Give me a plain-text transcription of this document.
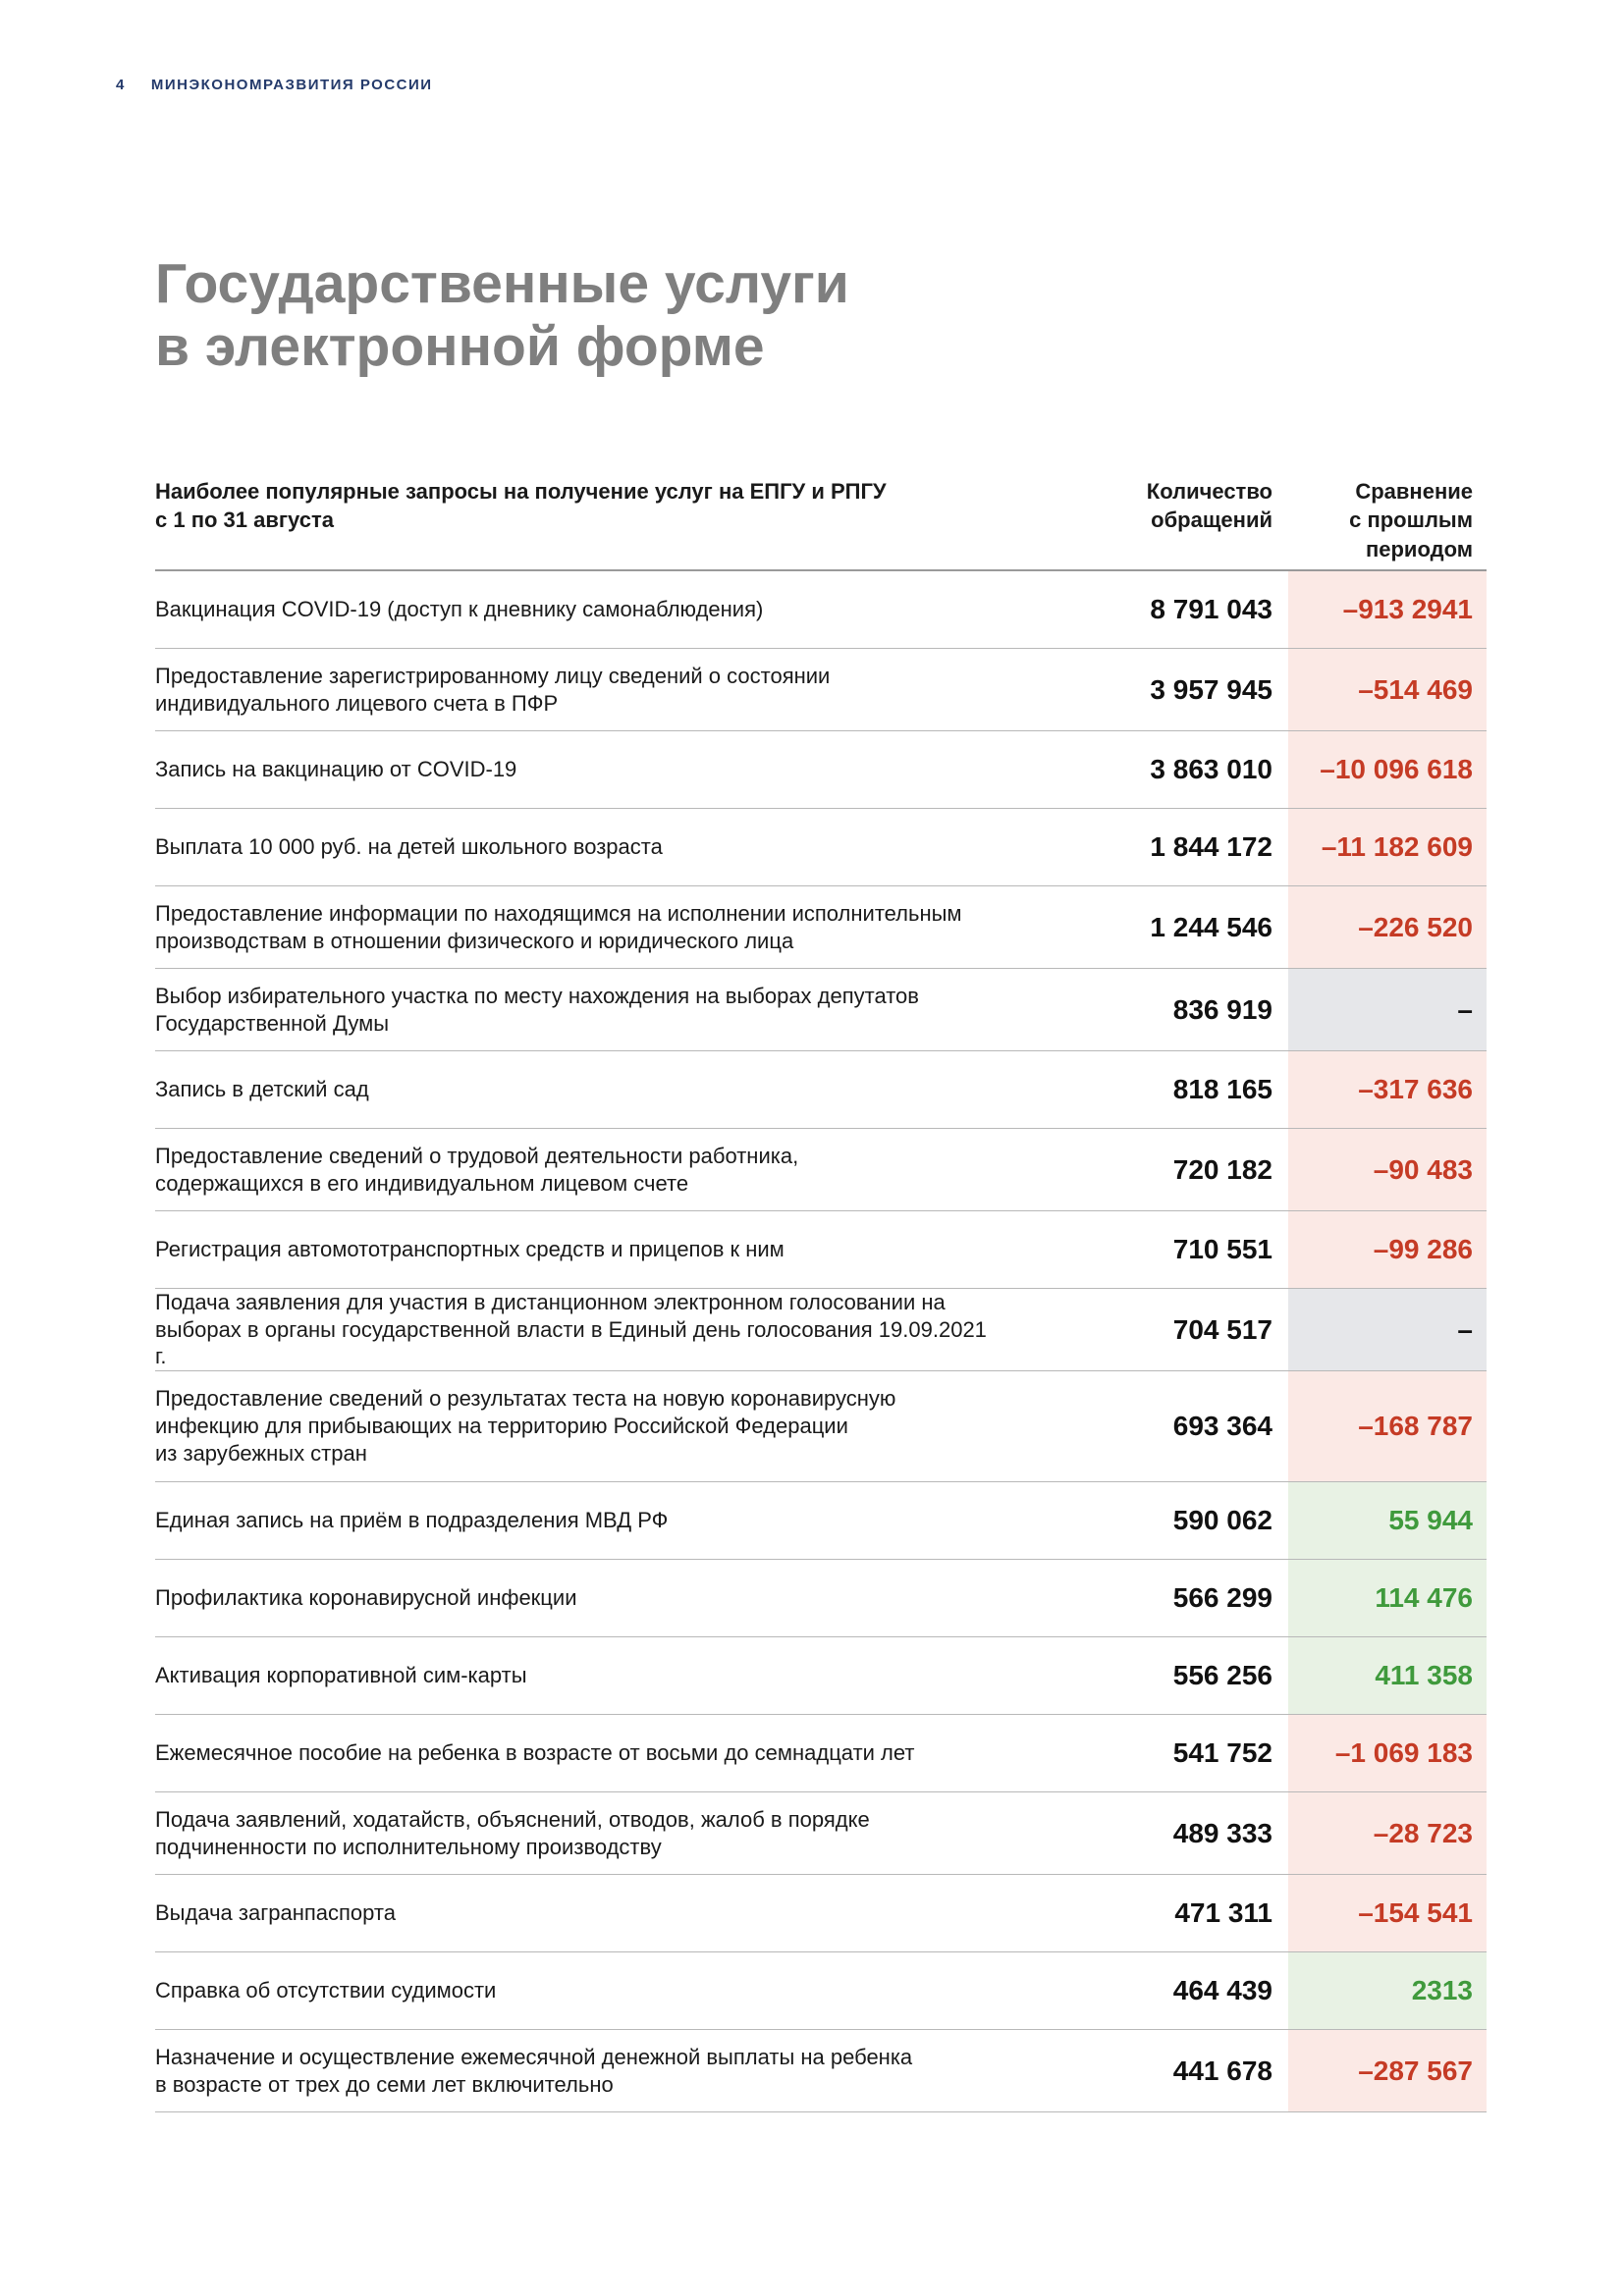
4 МИНЭКОНОМРАЗВИТИЯ РОССИИ
Государственные услуги
в электронной форме
Наиболее популярные запросы на получение услуг на ЕПГУ и РПГУ
с 1 по 31 августа
Количество
обращений
Сравнение
с прошлым
периодом
Вакцинация COVID-19 (доступ к дневнику самонаблюдения)	8 791 043	–913 2941
Предоставление зарегистрированному лицу сведений о состоянии
индивидуального лицевого счета в ПФР	3 957 945	–514 469
Запись на вакцинацию от COVID-19	3 863 010	–10 096 618
Выплата 10 000 руб. на детей школьного возраста	1 844 172	–11 182 609
Предоставление информации по находящимся на исполнении исполнительным
производствам в отношении физического и юридического лица	1 244 546	–226 520
Выбор избирательного участка по месту нахождения на выборах депутатов
Государственной Думы	836 919	–
Запись в детский сад	818 165	–317 636
Предоставление сведений о трудовой деятельности работника,
содержащихся в его индивидуальном лицевом счете	720 182	–90 483
Регистрация автомототранспортных средств и прицепов к ним	710 551	–99 286
Подача заявления для участия в дистанционном электронном голосовании на
выборах в органы государственной власти в Единый день голосования 19.09.2021 г.
704 517	–
Предоставление сведений о результатах теста на новую коронавирусную
инфекцию для прибывающих на территорию Российской Федерации
из зарубежных стран
693 364	–168 787
Единая запись на приём в подразделения МВД РФ	590 062	55 944
Профилактика коронавирусной инфекции	566 299	114 476
Активация корпоративной сим-карты	556 256	411 358
Ежемесячное пособие на ребенка в возрасте от восьми до семнадцати лет	541 752	–1 069 183
Подача заявлений, ходатайств, объяснений, отводов, жалоб в порядке
подчиненности по исполнительному производству	489 333	–28 723
Выдача загранпаспорта	471 311	–154 541
Справка об отсутствии судимости	464 439	2313
Назначение и осуществление ежемесячной денежной выплаты на ребенка
в возрасте от трех до семи лет включительно	441 678	–287 567
